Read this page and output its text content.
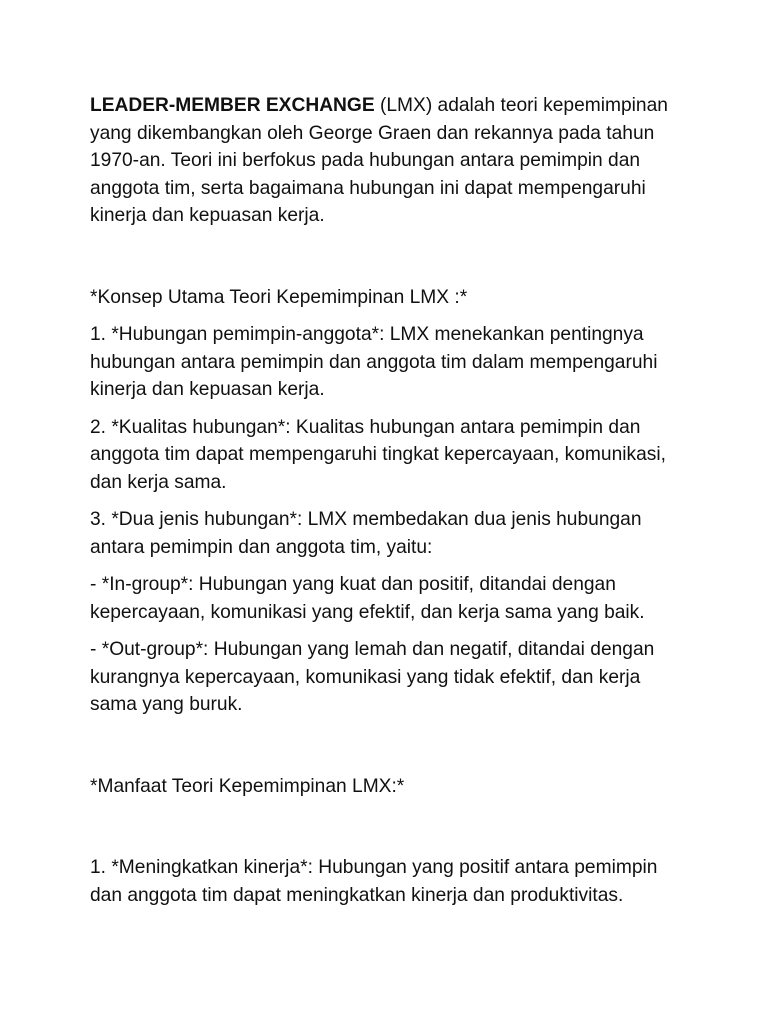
LEADER-MEMBER EXCHANGE (LMX) adalah teori kepemimpinan yang dikembangkan oleh George Graen dan rekannya pada tahun 1970-an. Teori ini berfokus pada hubungan antara pemimpin dan anggota tim, serta bagaimana hubungan ini dapat mempengaruhi kinerja dan kepuasan kerja.

*Konsep Utama Teori Kepemimpinan LMX :*

1. *Hubungan pemimpin-anggota*: LMX menekankan pentingnya hubungan antara pemimpin dan anggota tim dalam mempengaruhi kinerja dan kepuasan kerja.

2. *Kualitas hubungan*: Kualitas hubungan antara pemimpin dan anggota tim dapat mempengaruhi tingkat kepercayaan, komunikasi, dan kerja sama.

3. *Dua jenis hubungan*: LMX membedakan dua jenis hubungan antara pemimpin dan anggota tim, yaitu:

- *In-group*: Hubungan yang kuat dan positif, ditandai dengan kepercayaan, komunikasi yang efektif, dan kerja sama yang baik.

- *Out-group*: Hubungan yang lemah dan negatif, ditandai dengan kurangnya kepercayaan, komunikasi yang tidak efektif, dan kerja sama yang buruk.

*Manfaat Teori Kepemimpinan LMX:*

1. *Meningkatkan kinerja*: Hubungan yang positif antara pemimpin dan anggota tim dapat meningkatkan kinerja dan produktivitas.
